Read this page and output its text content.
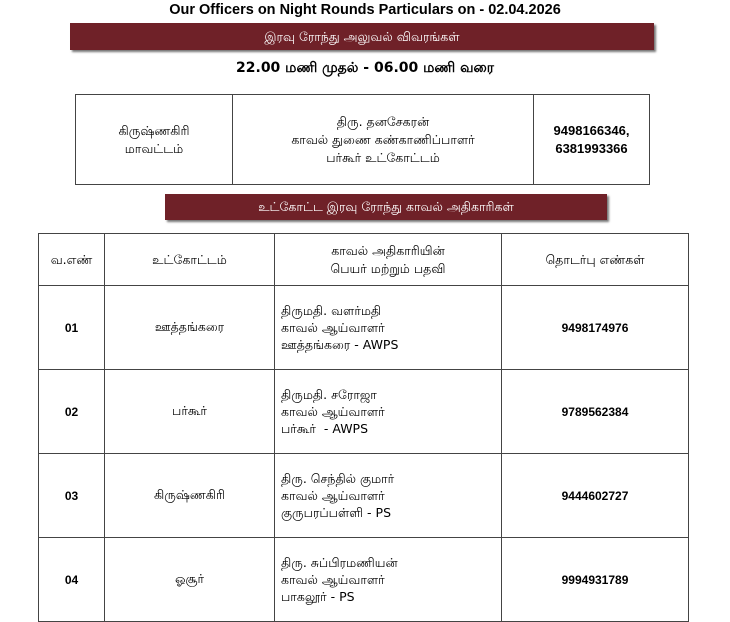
Our Officers on Night Rounds Particulars on - 02.04.2026
இரவு ரோந்து அலுவல் விவரங்கள்
22.00 மணி முதல் - 06.00 மணி வரை
கிருஷ்ணகிரி
மாவட்டம்

திரு. தனசேகரன்
காவல் துணை கண்காணிப்பாளர்
பர்கூர் உட்கோட்டம்

9498166346,
6381993366
உட்கோட்ட இரவு ரோந்து காவல் அதிகாரிகள்
வ.எண்	உட்கோட்டம்	காவல் அதிகாரியின்
பெயர் மற்றும் பதவி	தொடர்பு எண்கள்
01	ஊத்தங்கரை	திருமதி. வளர்மதி
காவல் ஆய்வாளர்
ஊத்தங்கரை - AWPS	9498174976
02	பர்கூர்	திருமதி. சரோஜா
காவல் ஆய்வாளர்
பர்கூர்  - AWPS	9789562384
03	கிருஷ்ணகிரி	திரு. செந்தில் குமார்
காவல் ஆய்வாளர்
குருபரப்பள்ளி - PS	9444602727
04	ஓசூர்	திரு. சுப்பிரமணியன்
காவல் ஆய்வாளர்
பாகலூர் - PS	9994931789
